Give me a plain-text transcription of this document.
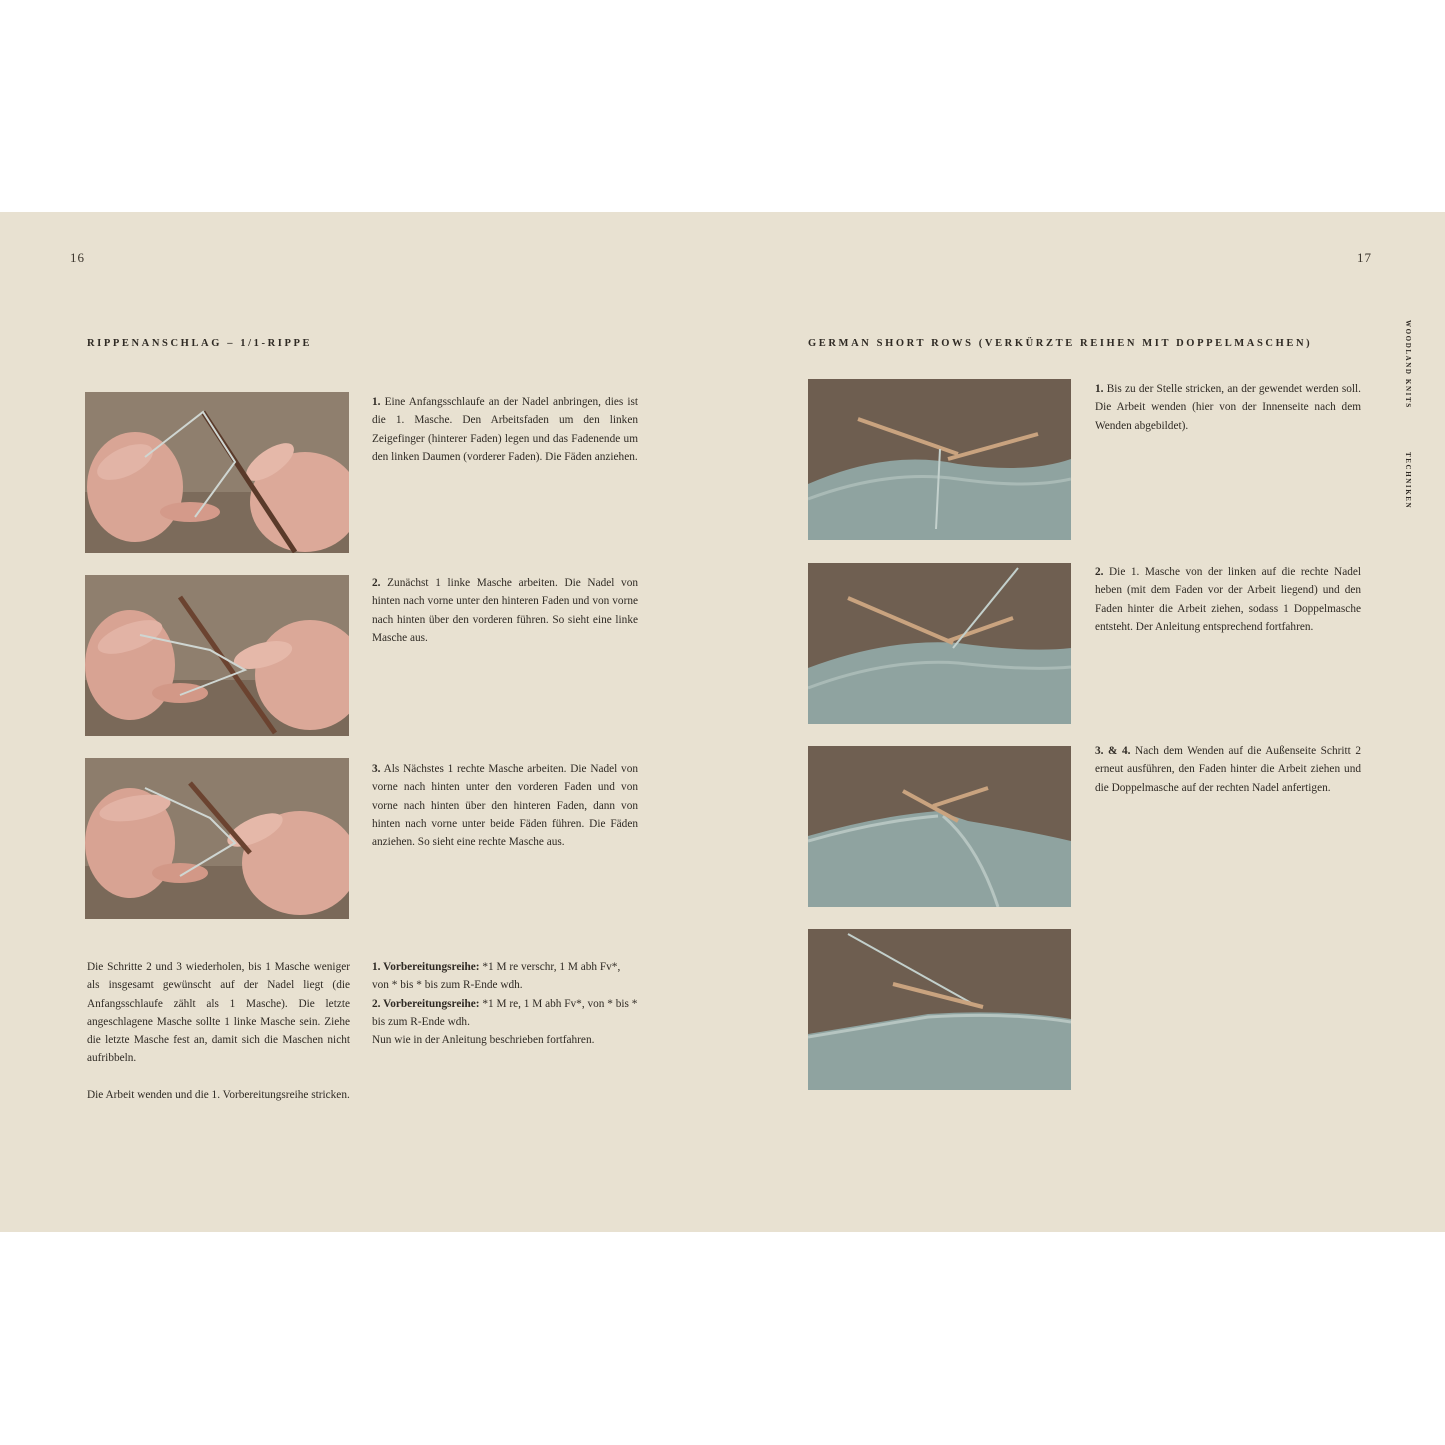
16
RIPPENANSCHLAG – 1/1-RIPPE
1. Eine Anfangsschlaufe an der Nadel anbringen, dies ist die 1. Masche. Den Arbeitsfaden um den linken Zeigefinger (hinterer Faden) legen und das Fadenende um den linken Daumen (vorderer Faden). Die Fäden anziehen.
2. Zunächst 1 linke Masche arbeiten. Die Nadel von hinten nach vorne unter den hinteren Faden und von vorne nach hinten über den vorderen führen. So sieht eine linke Masche aus.
3. Als Nächstes 1 rechte Masche arbeiten. Die Nadel von vorne nach hinten unter den vorderen Faden und von vorne nach hinten über den hinteren Faden, dann von hinten nach vorne unter beide Fäden führen. Die Fäden anziehen. So sieht eine rechte Masche aus.
Die Schritte 2 und 3 wiederholen, bis 1 Masche weniger als insgesamt gewünscht auf der Nadel liegt (die Anfangsschlaufe zählt als 1 Masche). Die letzte angeschlagene Masche sollte 1 linke Masche sein. Ziehe die letzte Masche fest an, damit sich die Maschen nicht aufribbeln.
Die Arbeit wenden und die 1. Vorbereitungsreihe stricken.
1. Vorbereitungsreihe: *1 M re verschr, 1 M abh Fv*, von * bis * bis zum R-Ende wdh.
2. Vorbereitungsreihe: *1 M re, 1 M abh Fv*, von * bis * bis zum R-Ende wdh.
Nun wie in der Anleitung beschrieben fortfahren.
17
GERMAN SHORT ROWS (VERKÜRZTE REIHEN MIT DOPPELMASCHEN)	WOODLAND KNITS
TECHNIKEN
1. Bis zu der Stelle stricken, an der gewendet werden soll. Die Arbeit wenden (hier von der Innenseite nach dem Wenden abgebildet).
2. Die 1. Masche von der linken auf die rechte Nadel heben (mit dem Faden vor der Arbeit liegend) und den Faden hinter die Arbeit ziehen, sodass 1 Doppelmasche entsteht. Der Anleitung entsprechend fortfahren.
3. & 4. Nach dem Wenden auf die Außenseite Schritt 2 erneut ausführen, den Faden hinter die Arbeit ziehen und die Doppelmasche auf der rechten Nadel anfertigen.
